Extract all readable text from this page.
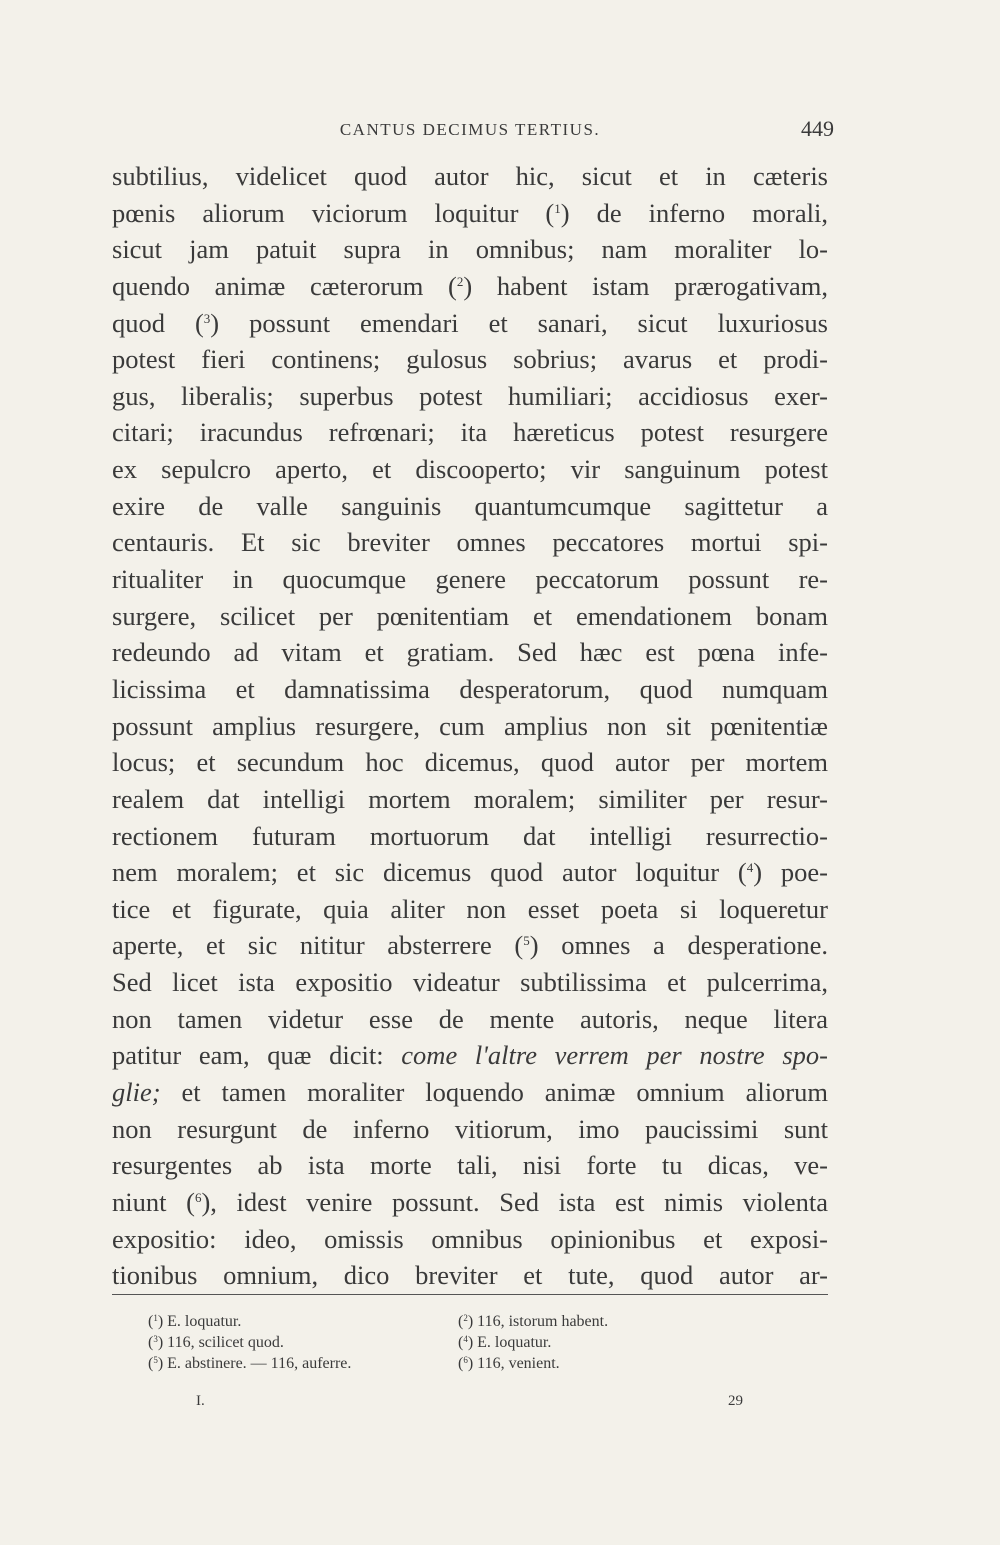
CANTUS DECIMUS TERTIUS.	449
subtilius, videlicet quod autor hic, sicut et in cæteris
pœnis aliorum viciorum loquitur ($^1$) de inferno morali,
sicut jam patuit supra in omnibus; nam moraliter lo-
quendo animæ cæterorum ($^2$) habent istam prærogativam,
quod ($^3$) possunt emendari et sanari, sicut luxuriosus
potest fieri continens; gulosus sobrius; avarus et prodi-
gus, liberalis; superbus potest humiliari; accidiosus exer-
citari; iracundus refrœnari; ita hæreticus potest resurgere
ex sepulcro aperto, et discooperto; vir sanguinum potest
exire de valle sanguinis quantumcumque sagittetur a
centauris. Et sic breviter omnes peccatores mortui spi-
ritualiter in quocumque genere peccatorum possunt re-
surgere, scilicet per pœnitentiam et emendationem bonam
redeundo ad vitam et gratiam. Sed hæc est pœna infe-
licissima et damnatissima desperatorum, quod numquam
possunt amplius resurgere, cum amplius non sit pœnitentiæ
locus; et secundum hoc dicemus, quod autor per mortem
realem dat intelligi mortem moralem; similiter per resur-
rectionem futuram mortuorum dat intelligi resurrectio-
nem moralem; et sic dicemus quod autor loquitur ($^4$) poe-
tice et figurate, quia aliter non esset poeta si loqueretur
aperte, et sic nititur absterrere ($^5$) omnes a desperatione.
Sed licet ista expositio videatur subtilissima et pulcerrima,
non tamen videtur esse de mente autoris, neque litera
patitur eam, quæ dicit: come l'altre verrem per nostre spo-
glie; et tamen moraliter loquendo animæ omnium aliorum
non resurgunt de inferno vitiorum, imo paucissimi sunt
resurgentes ab ista morte tali, nisi forte tu dicas, ve-
niunt ($^6$), idest venire possunt. Sed ista est nimis violenta
expositio: ideo, omissis omnibus opinionibus et exposi-
tionibus omnium, dico breviter et tute, quod autor ar-
($^1$) E. loquatur.	($^2$) 116, istorum habent.
($^3$) 116, scilicet quod.	($^4$) E. loquatur.
($^5$) E. abstinere. — 116, auferre.	($^6$) 116, venient.
I.	29
